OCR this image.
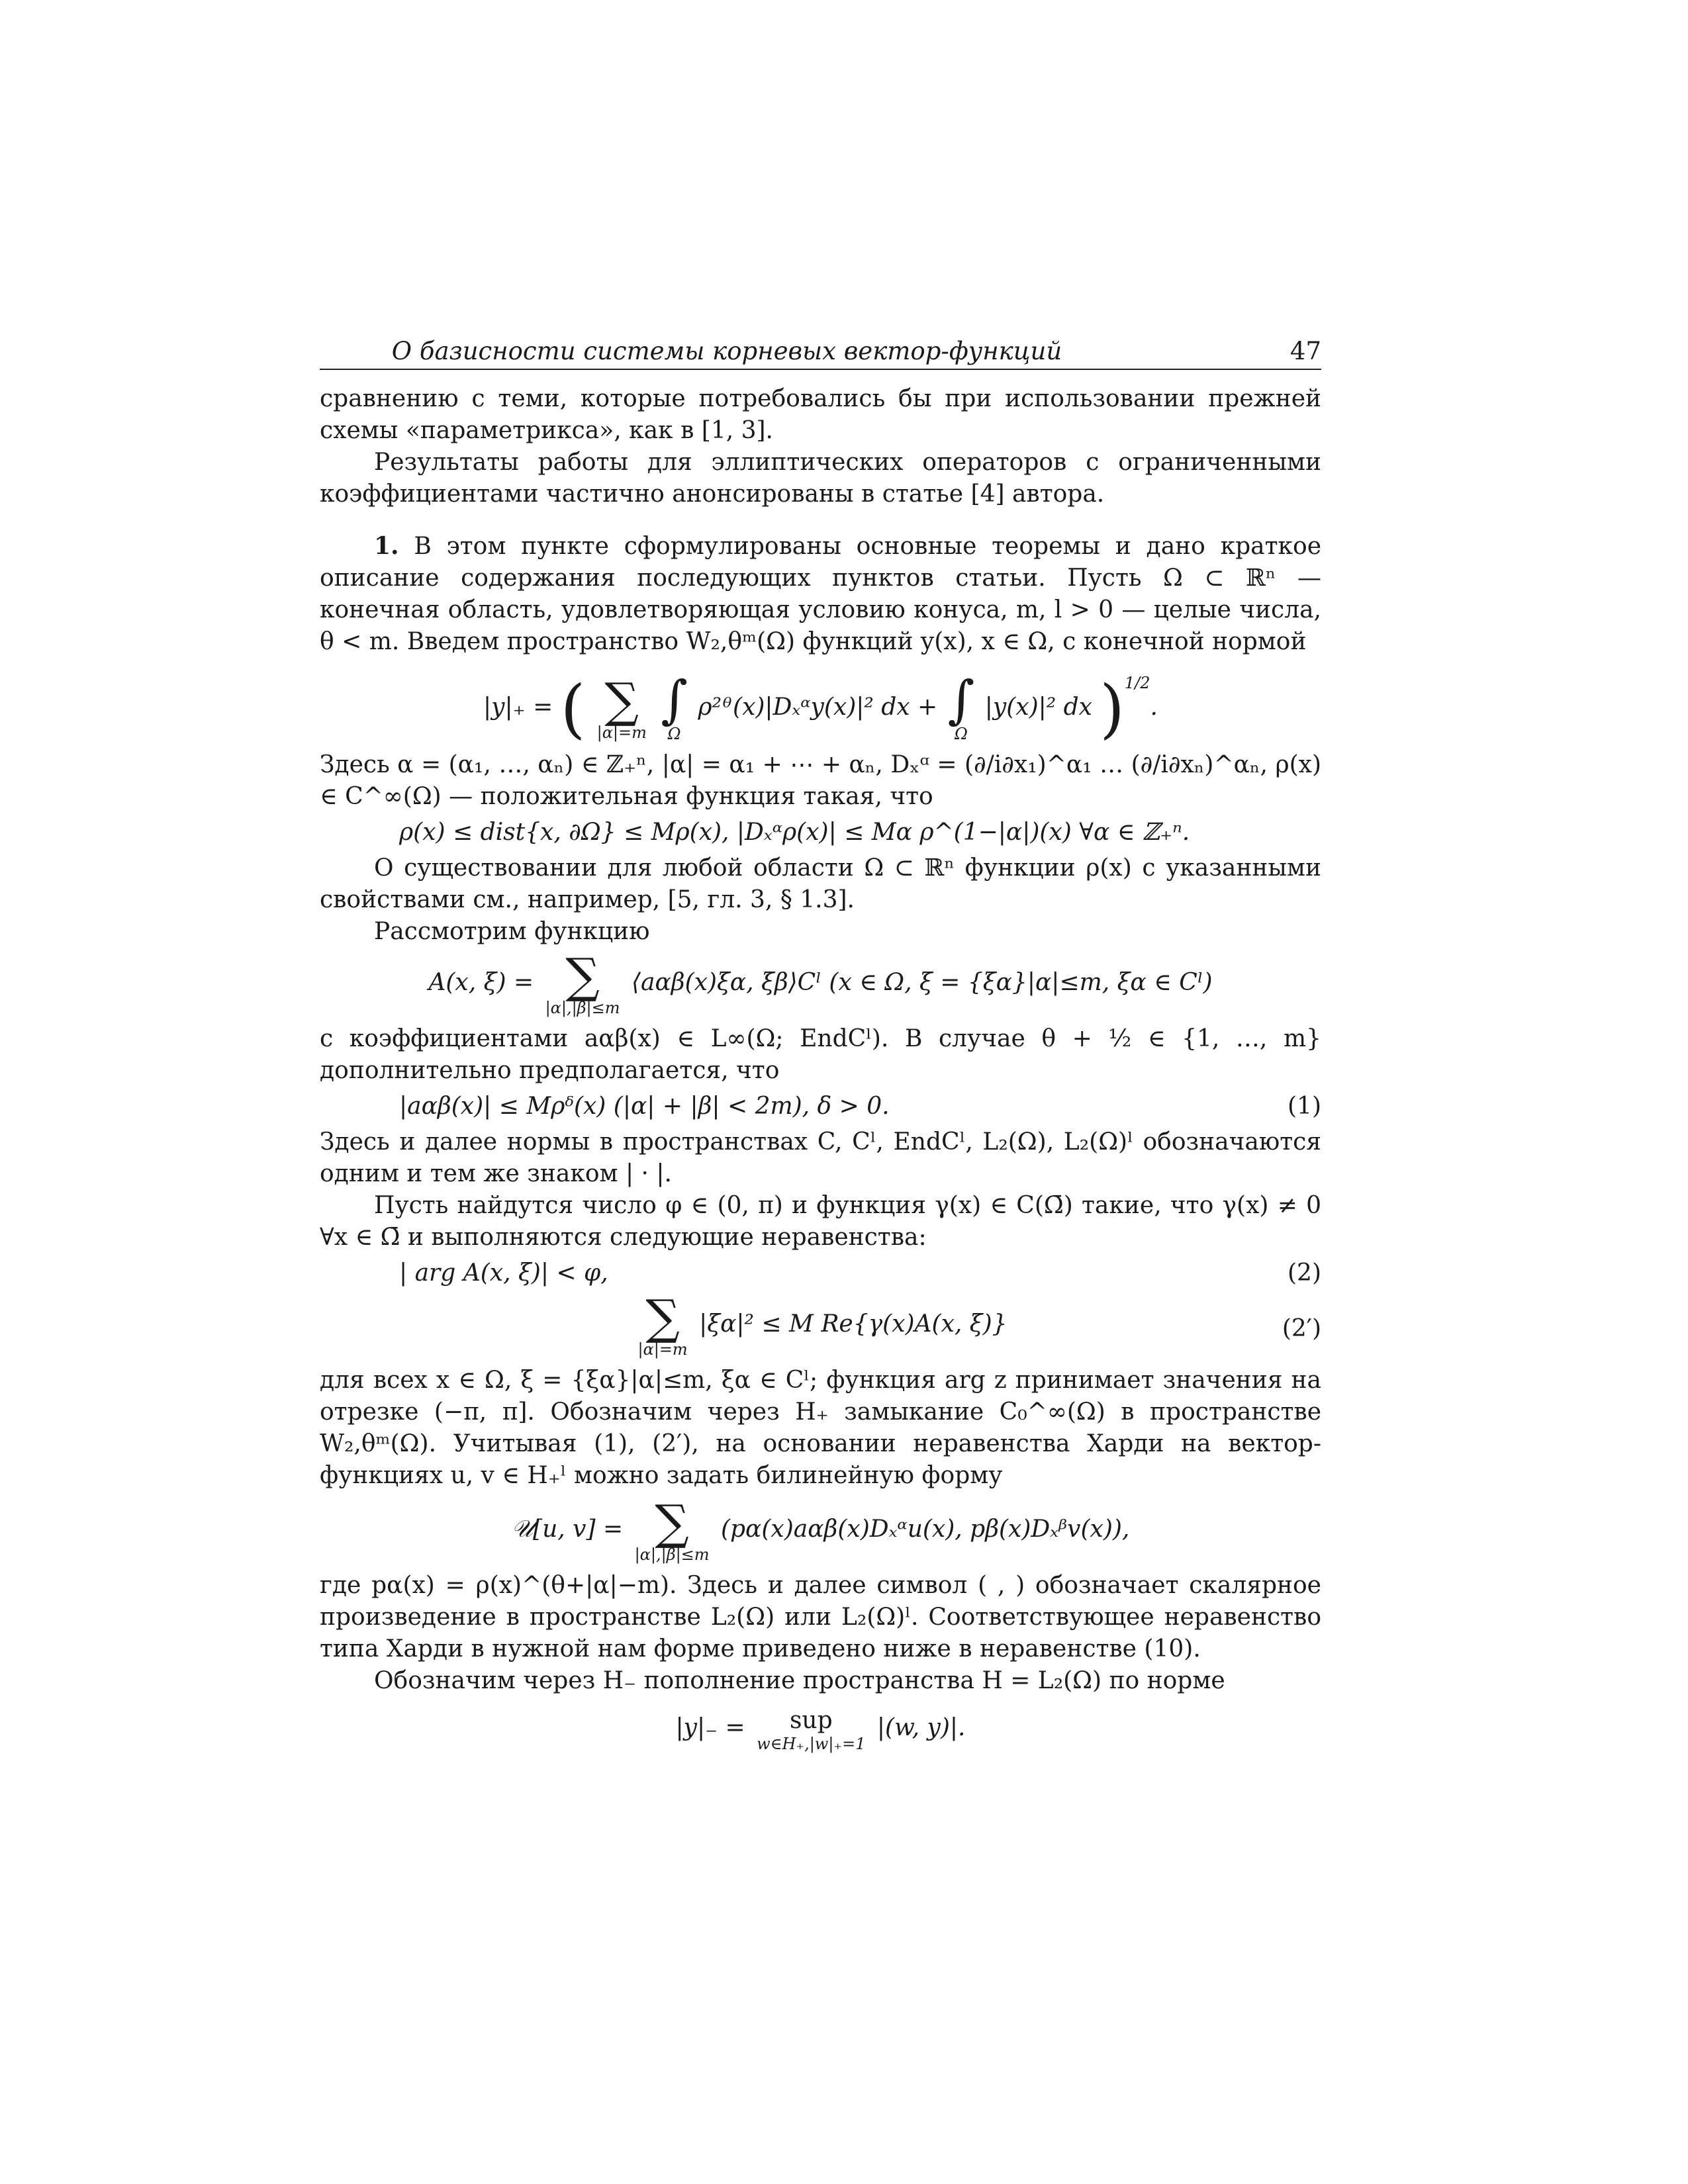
О базисности системы корневых вектор-функций	47

сравнению с теми, которые потребовались бы при использовании прежней схемы «параметрикса», как в [1, 3].

Результаты работы для эллиптических операторов с ограниченными коэффициентами частично анонсированы в статье [4] автора.

1. В этом пункте сформулированы основные теоремы и дано краткое описание содержания последующих пунктов статьи. Пусть Ω ⊂ ℝⁿ — конечная область, удовлетворяющая условию конуса, m, l > 0 — целые числа, θ < m. Введем пространство W₂,θᵐ(Ω) функций y(x), x ∈ Ω, с конечной нормой

|y|₊ = ( ∑
|α|=m

∫
Ω
ρ²ᶿ(x)|Dₓᵅy(x)|² dx + ∫
Ω
|y(x)|² dx )$^{1/2}$.

Здесь α = (α₁, …, αₙ) ∈ ℤ₊ⁿ, |α| = α₁ + ⋯ + αₙ, Dₓᵅ = (∂/i∂x₁)^α₁ … (∂/i∂xₙ)^αₙ, ρ(x) ∈ C^∞(Ω) — положительная функция такая, что

ρ(x) ≤ dist{x, ∂Ω} ≤ Mρ(x), |Dₓᵅρ(x)| ≤ Mα ρ^(1−|α|)(x) ∀α ∈ ℤ₊ⁿ.

О существовании для любой области Ω ⊂ ℝⁿ функции ρ(x) с указанными свойствами см., например, [5, гл. 3, § 1.3].

Рассмотрим функцию

A(x, ξ) = ∑
|α|,|β|≤m
⟨aαβ(x)ξα, ξβ⟩Cˡ (x ∈ Ω, ξ = {ξα}|α|≤m, ξα ∈ Cˡ)

с коэффициентами aαβ(x) ∈ L∞(Ω; EndCˡ). В случае θ + ½ ∈ {1, …, m} дополнительно предполагается, что

|aαβ(x)| ≤ Mρᵟ(x) (|α| + |β| < 2m), δ > 0.	(1)

Здесь и далее нормы в пространствах C, Cˡ, EndCˡ, L₂(Ω), L₂(Ω)ˡ обозначаются одним и тем же знаком | · |.

Пусть найдутся число φ ∈ (0, π) и функция γ(x) ∈ C(Ω̄) такие, что γ(x) ≠ 0 ∀x ∈ Ω̄ и выполняются следующие неравенства:

| arg A(x, ξ)| < φ,	(2)

∑
|α|=m
|ξα|² ≤ M Re{γ(x)A(x, ξ)}	(2′)

для всех x ∈ Ω, ξ = {ξα}|α|≤m, ξα ∈ Cˡ; функция arg z принимает значения на отрезке (−π, π]. Обозначим через H₊ замыкание C₀^∞(Ω) в пространстве W₂,θᵐ(Ω). Учитывая (1), (2′), на основании неравенства Харди на вектор-функциях u, v ∈ H₊ˡ можно задать билинейную форму

𝒰[u, v] = ∑
|α|,|β|≤m
(pα(x)aαβ(x)Dₓᵅu(x), pβ(x)Dₓᵝv(x)),

где pα(x) = ρ(x)^(θ+|α|−m). Здесь и далее символ ( , ) обозначает скалярное произведение в пространстве L₂(Ω) или L₂(Ω)ˡ. Соответствующее неравенство типа Харди в нужной нам форме приведено ниже в неравенстве (10).

Обозначим через H₋ пополнение пространства H = L₂(Ω) по норме

|y|₋ =	sup
w∈H₊,|w|₊=1
|(w, y)|.
